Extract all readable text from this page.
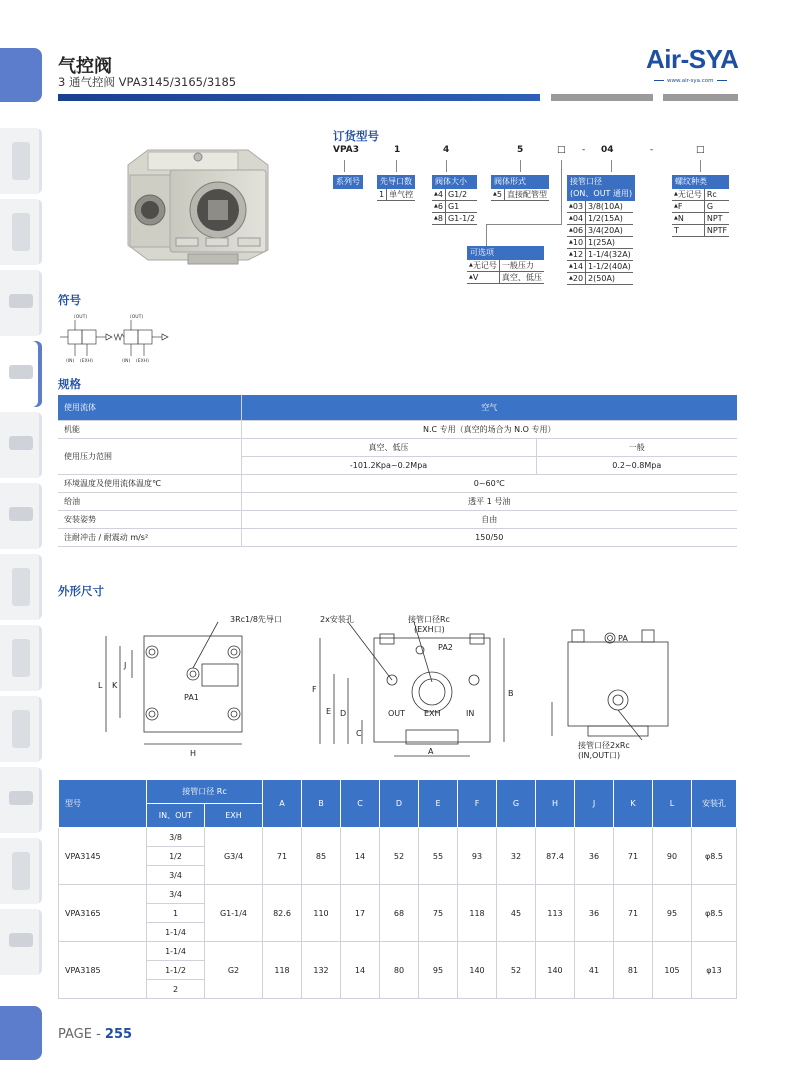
气控阀
3 通气控阀 VPA3145/3165/3185
Air-SYA
www.air-sya.com
订货型号
VPA3	1	4	5	□ - 04	-	□
系列号	先导口数
1	单气控
阀体大小
▲4	G1/2
▲6	G1
▲8	G1-1/2
阀体形式
▲5	直接配管型
可选项
▲无记号	一般压力
▲V	真空、低压
接管口径
(ON、OUT 通用)
▲03	3/8(10A)
▲04	1/2(15A)
▲06	3/4(20A)
▲10	1(25A)
▲12	1-1/4(32A)
▲14	1-1/2(40A)
▲20	2(50A)
螺纹种类
▲无记号	Rc
▲F	G
▲N	NPT
T	NPTF
符号
(OUT)	(OUT)
(IN) (EXH)	(IN) (EXH)
规格
使用流体	空气	
机能	N.C 专用（真空的场合为 N.O 专用）	
使用压力范围	真空、低压	一般
	-101.2Kpa~0.2Mpa	0.2~0.8Mpa
环境温度及使用流体温度℃	0~60℃	
给油	透平 1 号油	
安装姿势	自由	
注耐冲击 / 耐震动 m/s²	150/50	
外形尺寸
3Rc1/8先导口
PA1
L K
J
H
2x安装孔	接管口径Rc
(EXH口)
PA2
OUT EXH	IN
F
E D
C
B
A
PA
接管口径2xRc
(IN,OUT口)
型号	接管口径 Rc		A	B	C	D	E	F	G	H	J	K	L	安装孔
	IN、OUT	EXH												
VPA3145	3/8	G3/4	71	85	14	52	55	93	32	87.4	36	71	90	φ8.5
	1/2													
	3/4													
VPA3165	3/4	G1-1/4	82.6	110	17	68	75	118	45	113	36	71	95	φ8.5
	1													
	1-1/4													
VPA3185	1-1/4	G2	118	132	14	80	95	140	52	140	41	81	105	φ13
	1-1/2													
	2													
PAGE - 255
